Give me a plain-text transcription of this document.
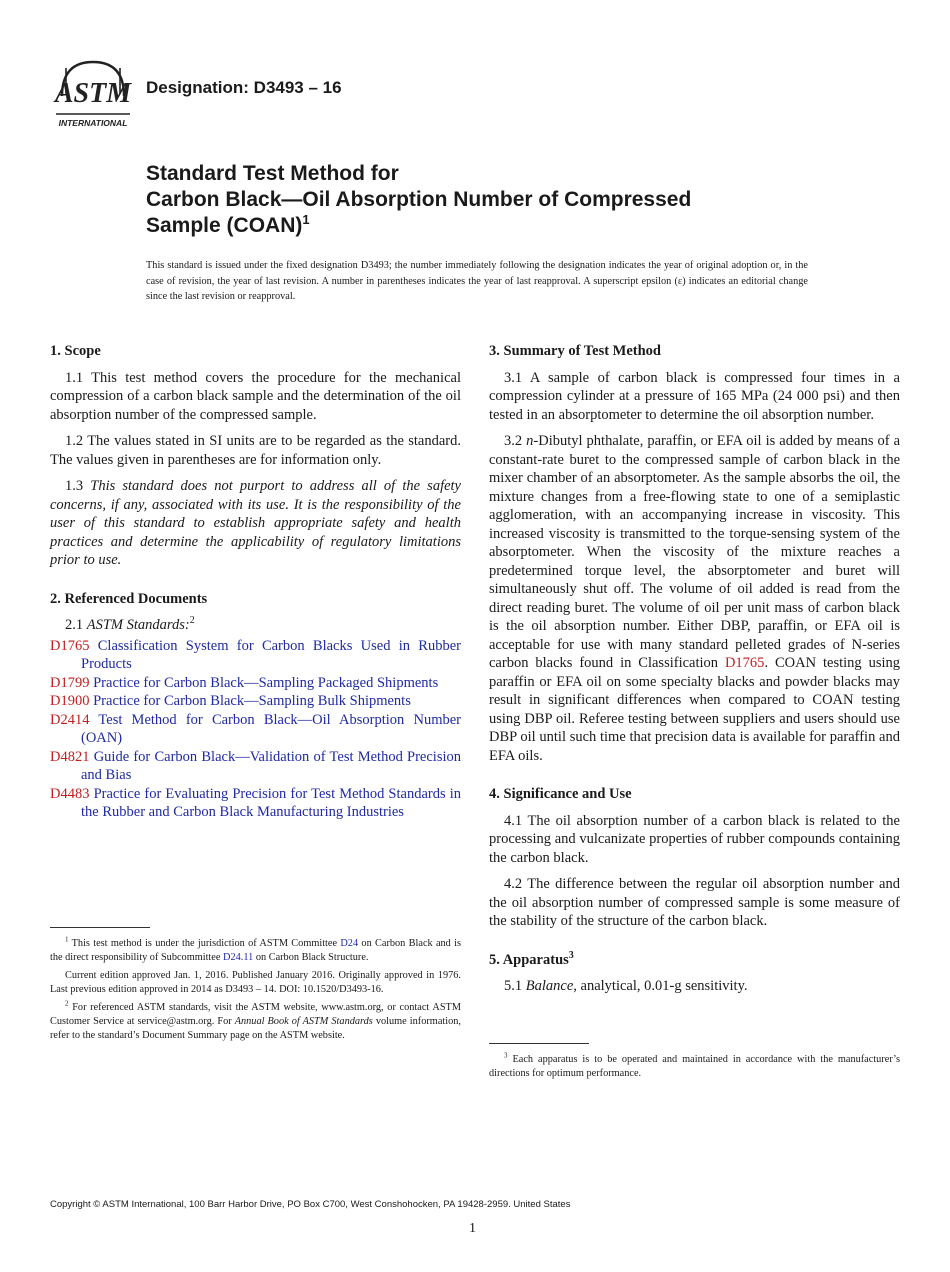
ASTM
INTERNATIONAL
Designation: D3493 – 16
Standard Test Method for
Carbon Black—Oil Absorption Number of Compressed
Sample (COAN)$^1$
This standard is issued under the fixed designation D3493; the number immediately following the designation indicates the year of original adoption or, in the case of revision, the year of last revision. A number in parentheses indicates the year of last reapproval. A superscript epsilon (ε) indicates an editorial change since the last revision or reapproval.
1. Scope

1.1 This test method covers the procedure for the mechanical compression of a carbon black sample and the determination of the oil absorption number of the compressed sample.

1.2 The values stated in SI units are to be regarded as the standard. The values given in parentheses are for information only.

1.3 This standard does not purport to address all of the safety concerns, if any, associated with its use. It is the responsibility of the user of this standard to establish appropriate safety and health practices and determine the applicability of regulatory limitations prior to use.

2. Referenced Documents

2.1 ASTM Standards:$^2$

D1765 Classification System for Carbon Blacks Used in Rubber Products
D1799 Practice for Carbon Black—Sampling Packaged Shipments
D1900 Practice for Carbon Black—Sampling Bulk Shipments
D2414 Test Method for Carbon Black—Oil Absorption Number (OAN)
D4821 Guide for Carbon Black—Validation of Test Method Precision and Bias
D4483 Practice for Evaluating Precision for Test Method Standards in the Rubber and Carbon Black Manufacturing Industries

$^1$ This test method is under the jurisdiction of ASTM Committee D24 on Carbon Black and is the direct responsibility of Subcommittee D24.11 on Carbon Black Structure.

Current edition approved Jan. 1, 2016. Published January 2016. Originally approved in 1976. Last previous edition approved in 2014 as D3493 – 14. DOI: 10.1520/D3493-16.

$^2$ For referenced ASTM standards, visit the ASTM website, www.astm.org, or contact ASTM Customer Service at service@astm.org. For Annual Book of ASTM Standards volume information, refer to the standard’s Document Summary page on the ASTM website.

3. Summary of Test Method

3.1 A sample of carbon black is compressed four times in a compression cylinder at a pressure of 165 MPa (24 000 psi) and then tested in an absorptometer to determine the oil absorption number.

3.2 n-Dibutyl phthalate, paraffin, or EFA oil is added by means of a constant-rate buret to the compressed sample of carbon black in the mixer chamber of an absorptometer. As the sample absorbs the oil, the mixture changes from a free-flowing state to one of a semiplastic agglomeration, with an accompanying increase in viscosity. This increased viscosity is transmitted to the torque-sensing system of the absorptometer. When the viscosity of the mixture reaches a predetermined torque level, the absorptometer and buret will simultaneously shut off. The volume of oil added is read from the direct reading buret. The volume of oil per unit mass of carbon black is the oil absorption number. Either DBP, paraffin, or EFA oil is acceptable for use with many standard pelleted grades of N-series carbon blacks found in Classification D1765. COAN testing using paraffin or EFA oil on some specialty blacks and powder blacks may result in significant differences when compared to COAN testing using DBP oil. Referee testing between suppliers and users should use DBP oil until such time that precision data is available for paraffin and EFA oils.

4. Significance and Use

4.1 The oil absorption number of a carbon black is related to the processing and vulcanizate properties of rubber compounds containing the carbon black.

4.2 The difference between the regular oil absorption number and the oil absorption number of compressed sample is some measure of the stability of the structure of the carbon black.

5. Apparatus$^3$

5.1 Balance, analytical, 0.01-g sensitivity.

$^3$ Each apparatus is to be operated and maintained in accordance with the manufacturer’s directions for optimum performance.

Copyright © ASTM International, 100 Barr Harbor Drive, PO Box C700, West Conshohocken, PA 19428-2959. United States
1
